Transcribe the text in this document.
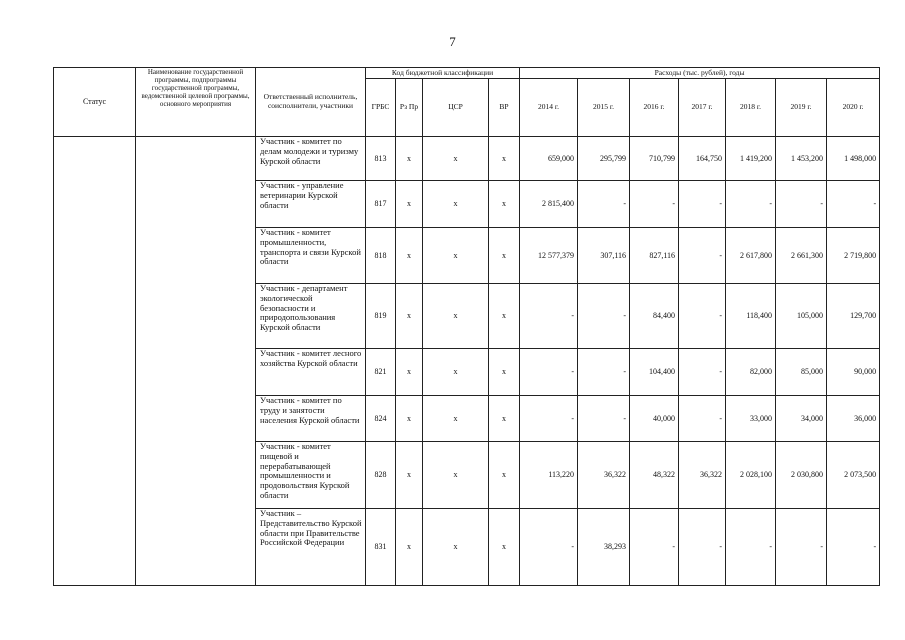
7
Статус	Наименование государственной программы, подпрограммы государственной программы, ведомственной целевой программы, основного мероприятия	Ответственный исполнитель, соисполнители, участники	Код бюджетной классификации				Расходы (тыс. рублей), годы						
			ГРБС	Рз Пр	ЦСР	ВР	2014 г.	2015 г.	2016 г.	2017 г.	2018 г.	2019 г.	2020 г.
		Участник - комитет по делам молодежи и туризму Курской области	813	x	x	x	659,000	295,799	710,799	164,750	1 419,200	1 453,200	1 498,000
		Участник - управление ветеринарии Курской области	817	x	x	x	2 815,400	-	-	-	-	-	-
		Участник - комитет промышленности, транспорта и связи Курской области	818	x	x	x	12 577,379	307,116	827,116	-	2 617,800	2 661,300	2 719,800
		Участник - департамент экологической безопасности и природопользования Курской области	819	x	x	x	-	-	84,400	-	118,400	105,000	129,700
		Участник - комитет лесного хозяйства Курской области	821	x	x	x	-	-	104,400	-	82,000	85,000	90,000
		Участник - комитет по труду и занятости населения Курской области	824	x	x	x	-	-	40,000	-	33,000	34,000	36,000
		Участник - комитет пищевой и перерабатывающей промышленности и продовольствия Курской области	828	x	x	x	113,220	36,322	48,322	36,322	2 028,100	2 030,800	2 073,500
		Участник – Представительство Курской области при Правительстве Российской Федерации	831	x	x	x	-	38,293	-	-	-	-	-
